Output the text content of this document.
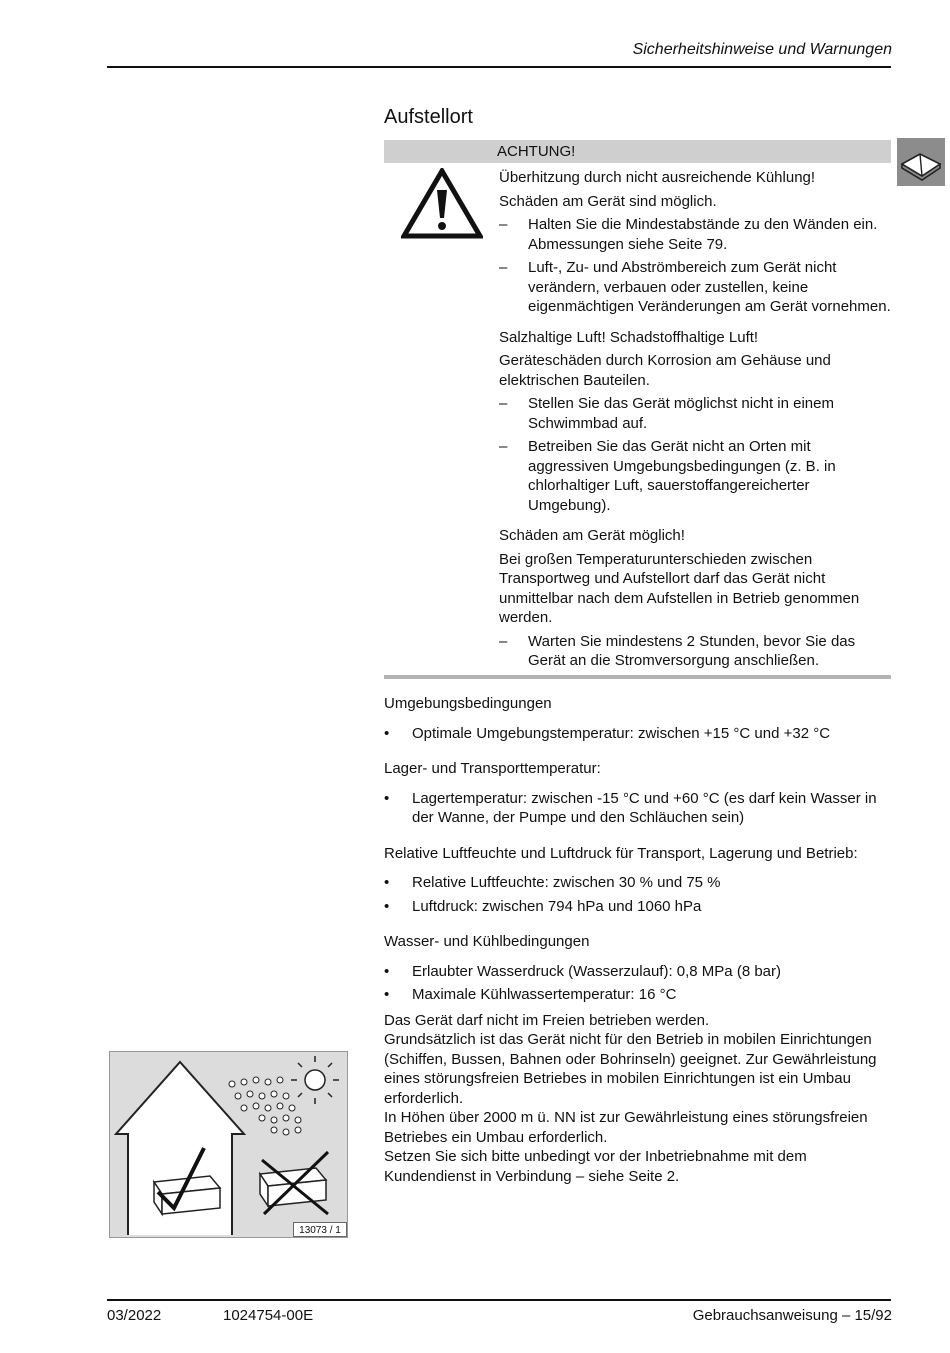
Sicherheitshinweise und Warnungen
Aufstellort
ACHTUNG!

Überhitzung durch nicht ausreichende Kühlung!

Schäden am Gerät sind möglich.

– Halten Sie die Mindestabstände zu den Wänden ein. Abmessungen siehe Seite 79.
– Luft-, Zu- und Abströmbereich zum Gerät nicht verändern, verbauen oder zustellen, keine eigenmächtigen Veränderungen am Gerät vornehmen.

Salzhaltige Luft! Schadstoffhaltige Luft!

Geräteschäden durch Korrosion am Gehäuse und elektrischen Bauteilen.

– Stellen Sie das Gerät möglichst nicht in einem Schwimmbad auf.
– Betreiben Sie das Gerät nicht an Orten mit aggressiven Umgebungsbedingungen (z. B. in chlorhaltiger Luft, sauerstoffangereicherter Umgebung).

Schäden am Gerät möglich!

Bei großen Temperaturunterschieden zwischen Transportweg und Aufstellort darf das Gerät nicht unmittelbar nach dem Aufstellen in Betrieb genommen werden.

– Warten Sie mindestens 2 Stunden, bevor Sie das Gerät an die Stromversorgung anschließen.
Umgebungsbedingungen
• Optimale Umgebungstemperatur: zwischen +15 °C und +32 °C
Lager- und Transporttemperatur:
• Lagertemperatur: zwischen -15 °C und +60 °C (es darf kein Wasser in der Wanne, der Pumpe und den Schläuchen sein)
Relative Luftfeuchte und Luftdruck für Transport, Lagerung und Betrieb:
• Relative Luftfeuchte: zwischen 30 % und 75 %
• Luftdruck: zwischen 794 hPa und 1060 hPa
Wasser- und Kühlbedingungen
• Erlaubter Wasserdruck (Wasserzulauf): 0,8 MPa (8 bar)
• Maximale Kühlwassertemperatur: 16 °C

Das Gerät darf nicht im Freien betrieben werden.

Grundsätzlich ist das Gerät nicht für den Betrieb in mobilen Einrichtungen (Schiffen, Bussen, Bahnen oder Bohrinseln) geeignet. Zur Gewährleistung eines störungsfreien Betriebes in mobilen Einrichtungen ist ein Umbau erforderlich.

In Höhen über 2000 m ü. NN ist zur Gewährleistung eines störungsfreien Betriebes ein Umbau erforderlich.

Setzen Sie sich bitte unbedingt vor der Inbetriebnahme mit dem Kundendienst in Verbindung – siehe Seite 2.

13073 / 1
03/2022	1024754-00E	Gebrauchsanweisung – 15/92
